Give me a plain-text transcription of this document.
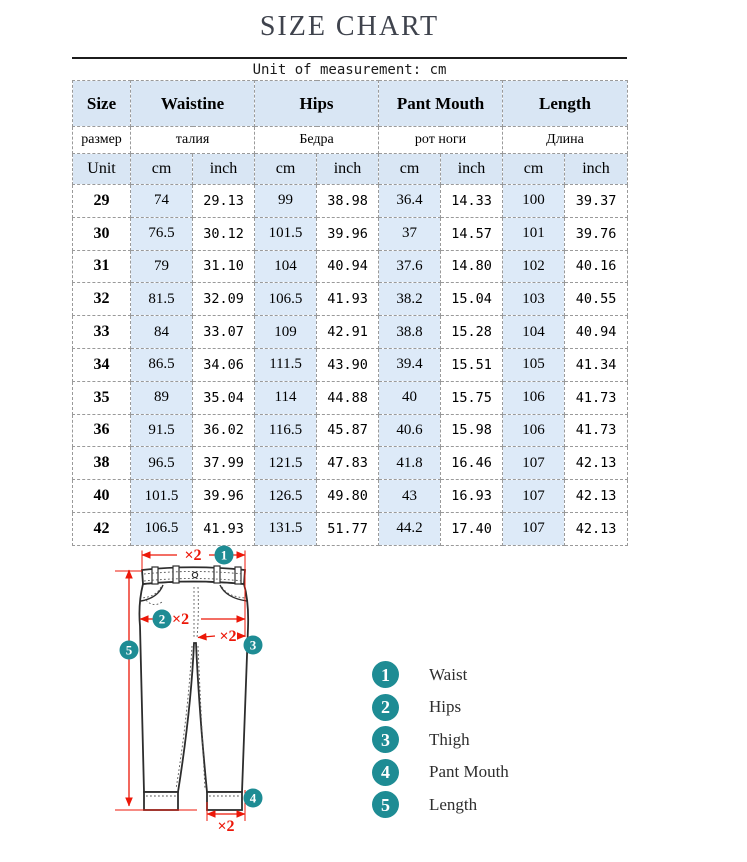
SIZE CHART
Unit of measurement: cm
Size	Waistine		Hips		Pant Mouth		Length	
размер	талия		Бедра		рот ноги		Длина	
Unit	cm	inch	cm	inch	cm	inch	cm	inch
29	74	29.13	99	38.98	36.4	14.33	100	39.37
30	76.5	30.12	101.5	39.96	37	14.57	101	39.76
31	79	31.10	104	40.94	37.6	14.80	102	40.16
32	81.5	32.09	106.5	41.93	38.2	15.04	103	40.55
33	84	33.07	109	42.91	38.8	15.28	104	40.94
34	86.5	34.06	111.5	43.90	39.4	15.51	105	41.34
35	89	35.04	114	44.88	40	15.75	106	41.73
36	91.5	36.02	116.5	45.87	40.6	15.98	106	41.73
38	96.5	37.99	121.5	47.83	41.8	16.46	107	42.13
40	101.5	39.96	126.5	49.80	43	16.93	107	42.13
42	106.5	41.93	131.5	51.77	44.2	17.40	107	42.13
×2
×2
×2
×2
1
2
3
4
5
1 Waist
2 Hips
3 Thigh
4 Pant Mouth
5 Length
